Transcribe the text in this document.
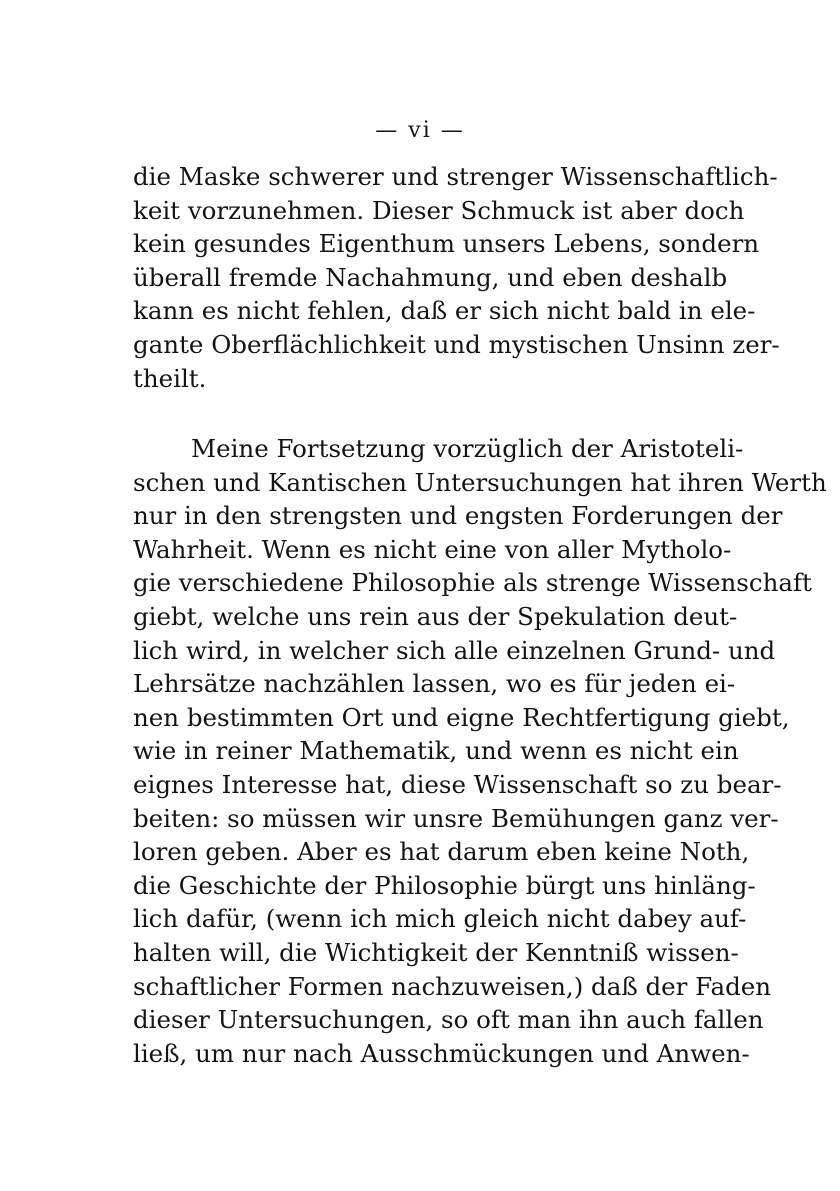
— vi —
die Maske schwerer und strenger Wissenschaftlich-
keit vorzunehmen. Dieser Schmuck ist aber doch
kein gesundes Eigenthum unsers Lebens, sondern
überall fremde Nachahmung, und eben deshalb
kann es nicht fehlen, daß er sich nicht bald in ele-
gante Oberflächlichkeit und mystischen Unsinn zer-
theilt.
Meine Fortsetzung vorzüglich der Aristoteli-
schen und Kantischen Untersuchungen hat ihren Werth
nur in den strengsten und engsten Forderungen der
Wahrheit. Wenn es nicht eine von aller Mytholo-
gie verschiedene Philosophie als strenge Wissenschaft
giebt, welche uns rein aus der Spekulation deut-
lich wird, in welcher sich alle einzelnen Grund- und
Lehrsätze nachzählen lassen, wo es für jeden ei-
nen bestimmten Ort und eigne Rechtfertigung giebt,
wie in reiner Mathematik, und wenn es nicht ein
eignes Interesse hat, diese Wissenschaft so zu bear-
beiten: so müssen wir unsre Bemühungen ganz ver-
loren geben. Aber es hat darum eben keine Noth,
die Geschichte der Philosophie bürgt uns hinläng-
lich dafür, (wenn ich mich gleich nicht dabey auf-
halten will, die Wichtigkeit der Kenntniß wissen-
schaftlicher Formen nachzuweisen,) daß der Faden
dieser Untersuchungen, so oft man ihn auch fallen
ließ, um nur nach Ausschmückungen und Anwen-
